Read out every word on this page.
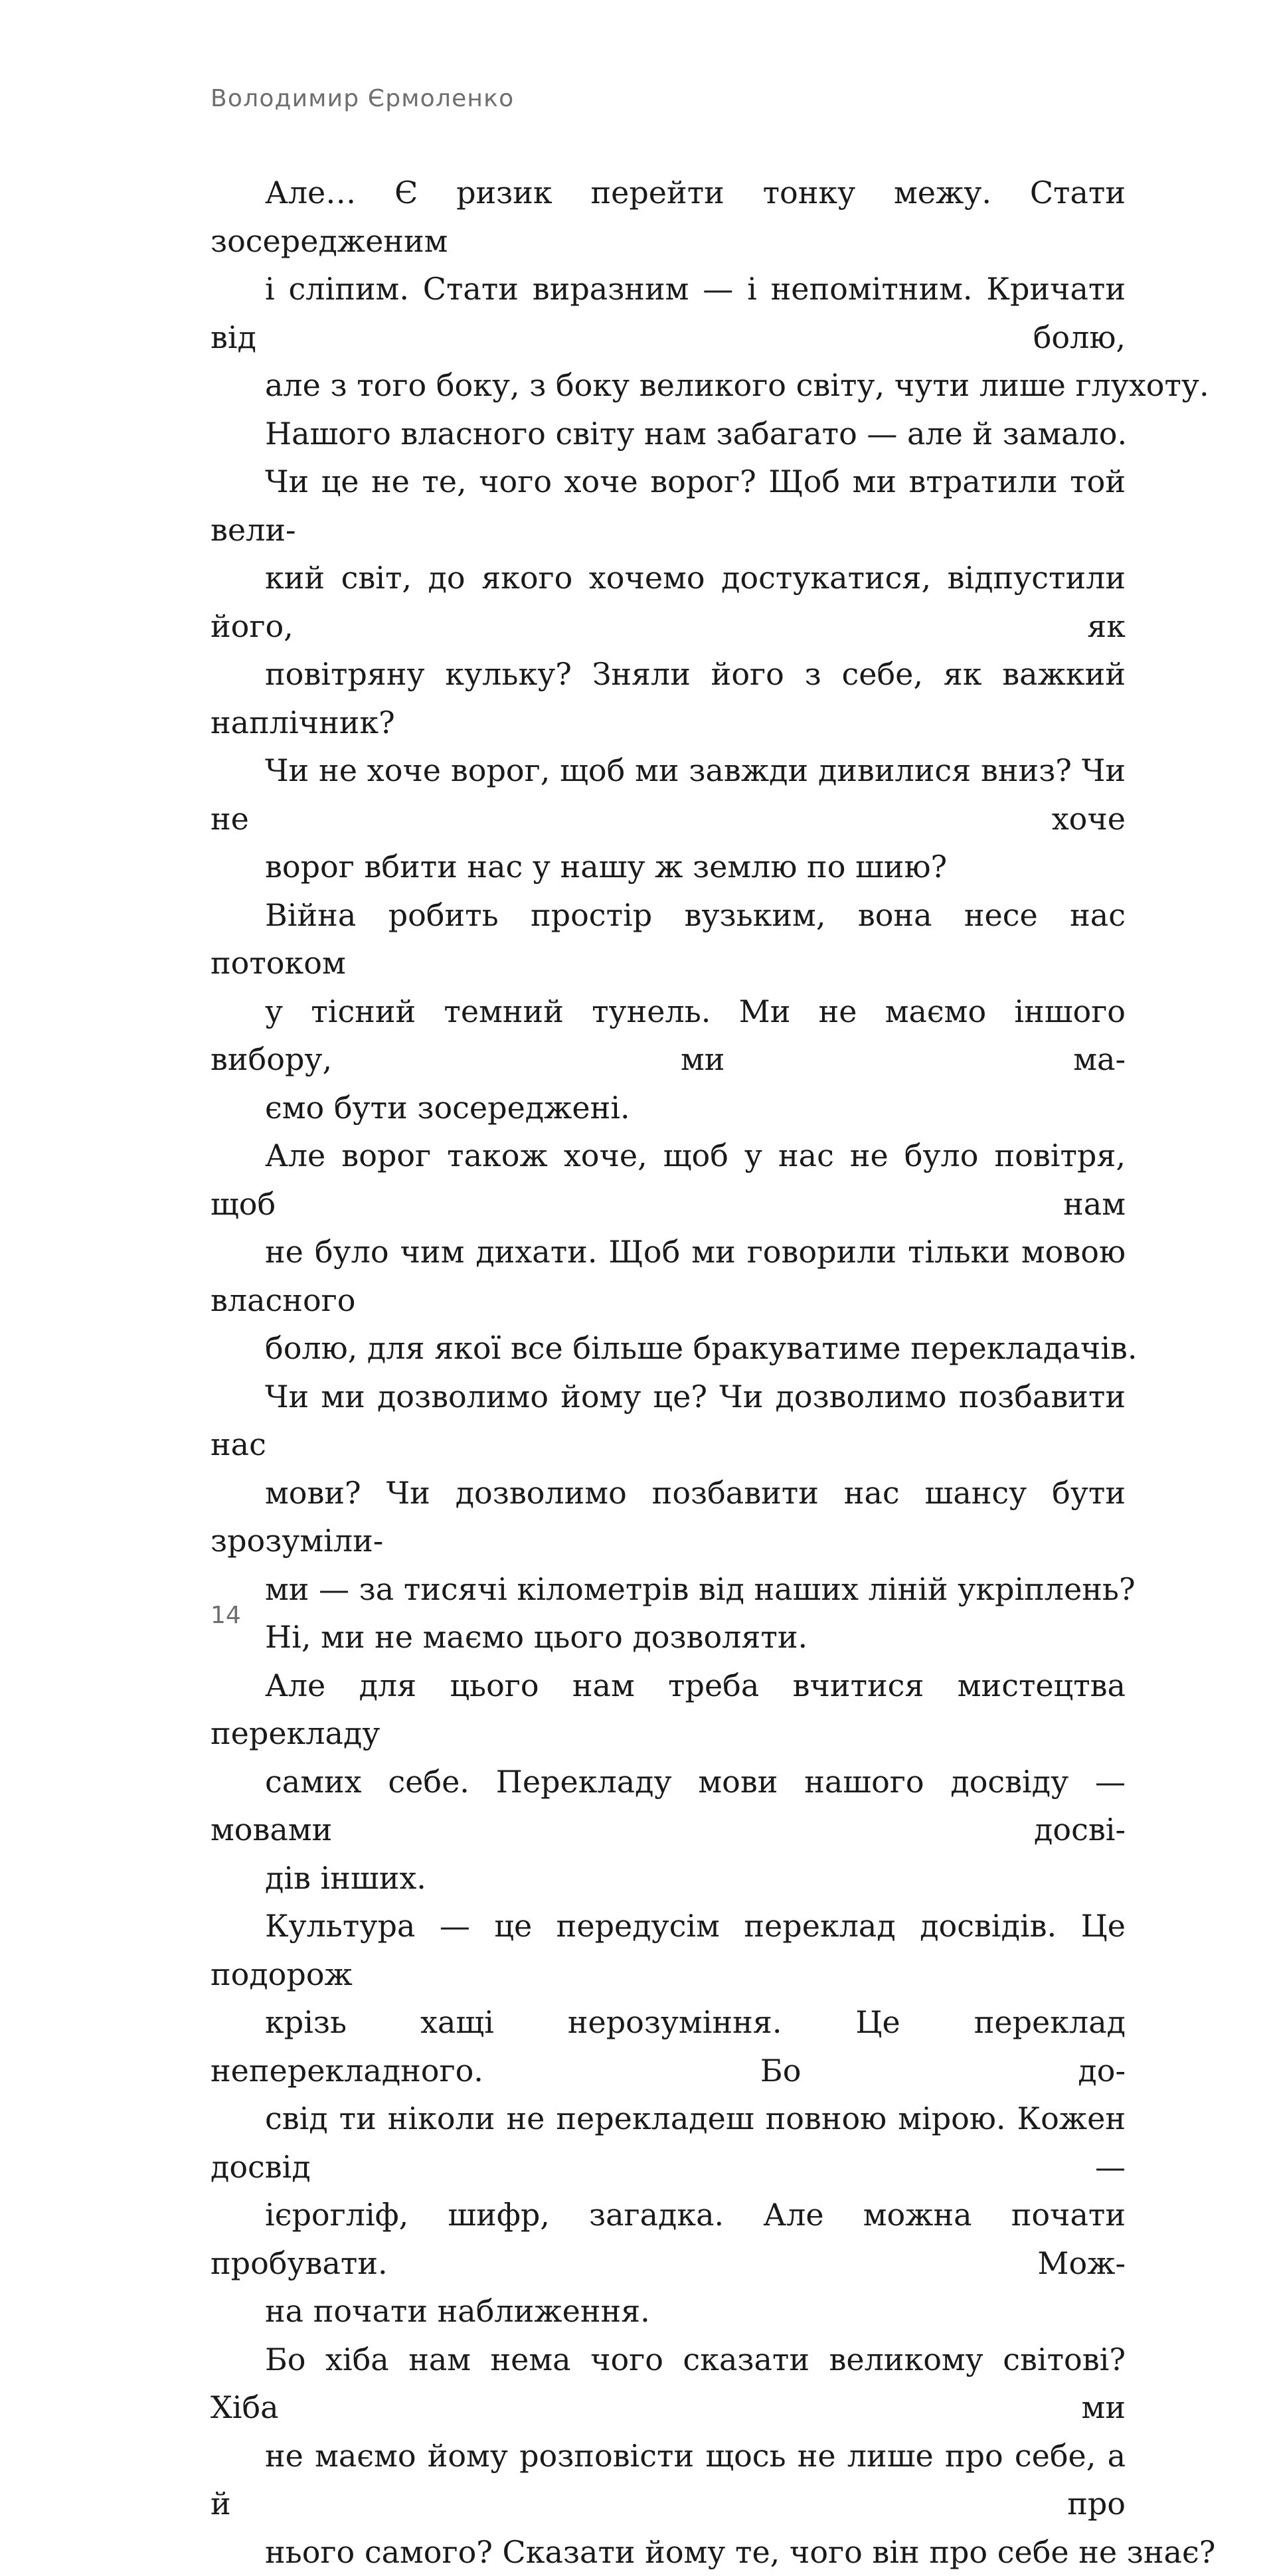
Володимир Єрмоленко

Але… Є ризик перейти тонку межу. Стати зосередженим
і сліпим. Стати виразним — і непомітним. Кричати від болю,
але з того боку, з боку великого світу, чути лише глухоту.

Нашого власного світу нам забагато — але й замало.

Чи це не те, чого хоче ворог? Щоб ми втратили той вели-
кий світ, до якого хочемо достукатися, відпустили його, як
повітряну кульку? Зняли його з себе, як важкий наплічник?
Чи не хоче ворог, щоб ми завжди дивилися вниз? Чи не хоче
ворог вбити нас у нашу ж землю по шию?

Війна робить простір вузьким, вона несе нас потоком
у тісний темний тунель. Ми не маємо іншого вибору, ми ма-
ємо бути зосереджені.

Але ворог також хоче, щоб у нас не було повітря, щоб нам
не було чим дихати. Щоб ми говорили тільки мовою власного
болю, для якої все більше бракуватиме перекладачів.

Чи ми дозволимо йому це? Чи дозволимо позбавити нас
мови? Чи дозволимо позбавити нас шансу бути зрозуміли-
ми — за тисячі кілометрів від наших ліній укріплень?

Ні, ми не маємо цього дозволяти.

Але для цього нам треба вчитися мистецтва перекладу
самих себе. Перекладу мови нашого досвіду — мовами досві-
дів інших.

Культура — це передусім переклад досвідів. Це подорож
крізь хащі нерозуміння. Це переклад неперекладного. Бо до-
свід ти ніколи не перекладеш повною мірою. Кожен досвід —
ієрогліф, шифр, загадка. Але можна почати пробувати. Мож-
на почати наближення.

Бо хіба нам нема чого сказати великому світові? Хіба ми
не маємо йому розповісти щось не лише про себе, а й про
нього самого? Сказати йому те, чого він про себе не знає?

14
